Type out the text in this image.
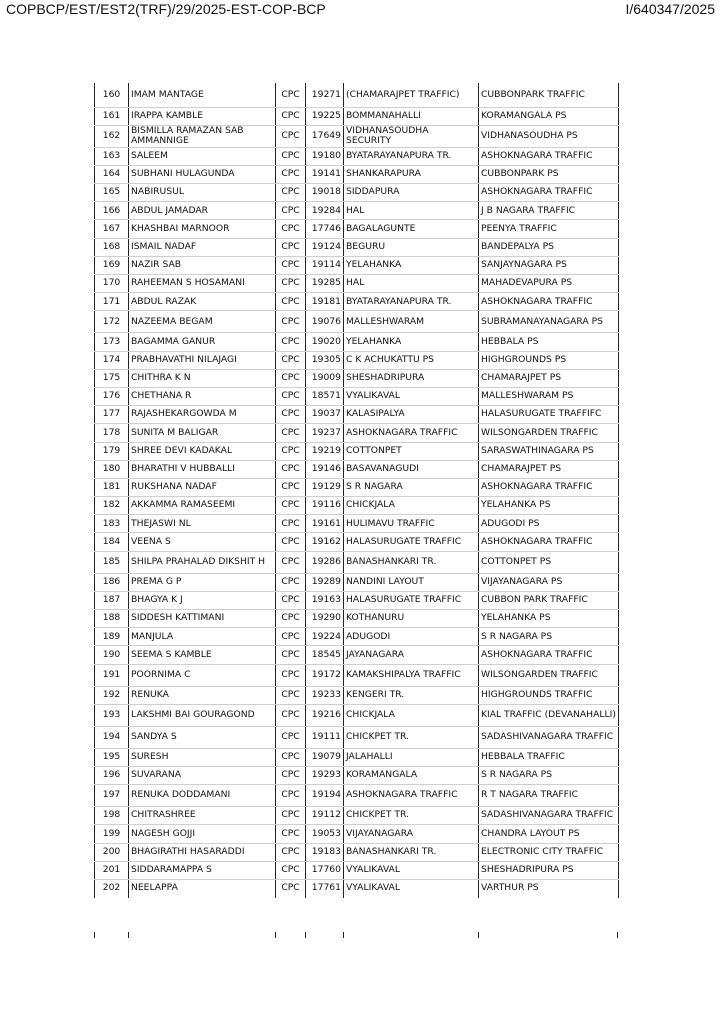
COPBCP/EST/EST2(TRF)/29/2025-EST-COP-BCP	I/640347/2025
160	IMAM MANTAGE	CPC	19271	(CHAMARAJPET TRAFFIC)	CUBBONPARK TRAFFIC
161	IRAPPA KAMBLE	CPC	19225	BOMMANAHALLI	KORAMANGALA PS
162	BISMILLA RAMAZAN SAB AMMANNIGE	CPC	17649	VIDHANASOUDHA SECURITY	VIDHANASOUDHA PS
163	SALEEM	CPC	19180	BYATARAYANAPURA TR.	ASHOKNAGARA TRAFFIC
164	SUBHANI HULAGUNDA	CPC	19141	SHANKARAPURA	CUBBONPARK PS
165	NABIRUSUL	CPC	19018	SIDDAPURA	ASHOKNAGARA TRAFFIC
166	ABDUL JAMADAR	CPC	19284	HAL	J B NAGARA TRAFFIC
167	KHASHBAI MARNOOR	CPC	17746	BAGALAGUNTE	PEENYA TRAFFIC
168	ISMAIL NADAF	CPC	19124	BEGURU	BANDEPALYA PS
169	NAZIR SAB	CPC	19114	YELAHANKA	SANJAYNAGARA PS
170	RAHEEMAN S HOSAMANI	CPC	19285	HAL	MAHADEVAPURA PS
171	ABDUL RAZAK	CPC	19181	BYATARAYANAPURA TR.	ASHOKNAGARA TRAFFIC
172	NAZEEMA BEGAM	CPC	19076	MALLESHWARAM	SUBRAMANAYANAGARA PS
173	BAGAMMA GANUR	CPC	19020	YELAHANKA	HEBBALA PS
174	PRABHAVATHI NILAJAGI	CPC	19305	C K ACHUKATTU PS	HIGHGROUNDS PS
175	CHITHRA K N	CPC	19009	SHESHADRIPURA	CHAMARAJPET PS
176	CHETHANA R	CPC	18571	VYALIKAVAL	MALLESHWARAM PS
177	RAJASHEKARGOWDA M	CPC	19037	KALASIPALYA	HALASURUGATE TRAFFIFC
178	SUNITA M BALIGAR	CPC	19237	ASHOKNAGARA TRAFFIC	WILSONGARDEN TRAFFIC
179	SHREE DEVI KADAKAL	CPC	19219	COTTONPET	SARASWATHINAGARA PS
180	BHARATHI V HUBBALLI	CPC	19146	BASAVANAGUDI	CHAMARAJPET PS
181	RUKSHANA NADAF	CPC	19129	S R NAGARA	ASHOKNAGARA TRAFFIC
182	AKKAMMA RAMASEEMI	CPC	19116	CHICKJALA	YELAHANKA PS
183	THEJASWI NL	CPC	19161	HULIMAVU TRAFFIC	ADUGODI PS
184	VEENA S	CPC	19162	HALASURUGATE TRAFFIC	ASHOKNAGARA TRAFFIC
185	SHILPA PRAHALAD DIKSHIT H	CPC	19286	BANASHANKARI TR.	COTTONPET PS
186	PREMA G P	CPC	19289	NANDINI LAYOUT	VIJAYANAGARA PS
187	BHAGYA K J	CPC	19163	HALASURUGATE TRAFFIC	CUBBON PARK TRAFFIC
188	SIDDESH KATTIMANI	CPC	19290	KOTHANURU	YELAHANKA PS
189	MANJULA	CPC	19224	ADUGODI	S R NAGARA PS
190	SEEMA S KAMBLE	CPC	18545	JAYANAGARA	ASHOKNAGARA TRAFFIC
191	POORNIMA C	CPC	19172	KAMAKSHIPALYA TRAFFIC	WILSONGARDEN TRAFFIC
192	RENUKA	CPC	19233	KENGERI TR.	HIGHGROUNDS TRAFFIC
193	LAKSHMI BAI GOURAGOND	CPC	19216	CHICKJALA	KIAL TRAFFIC (DEVANAHALLI)
194	SANDYA S	CPC	19111	CHICKPET TR.	SADASHIVANAGARA TRAFFIC
195	SURESH	CPC	19079	JALAHALLI	HEBBALA TRAFFIC
196	SUVARANA	CPC	19293	KORAMANGALA	S R NAGARA PS
197	RENUKA DODDAMANI	CPC	19194	ASHOKNAGARA TRAFFIC	R T NAGARA TRAFFIC
198	CHITRASHREE	CPC	19112	CHICKPET TR.	SADASHIVANAGARA TRAFFIC
199	NAGESH GOJJI	CPC	19053	VIJAYANAGARA	CHANDRA LAYOUT PS
200	BHAGIRATHI HASARADDI	CPC	19183	BANASHANKARI TR.	ELECTRONIC CITY TRAFFIC
201	SIDDARAMAPPA S	CPC	17760	VYALIKAVAL	SHESHADRIPURA PS
202	NEELAPPA	CPC	17761	VYALIKAVAL	VARTHUR PS
